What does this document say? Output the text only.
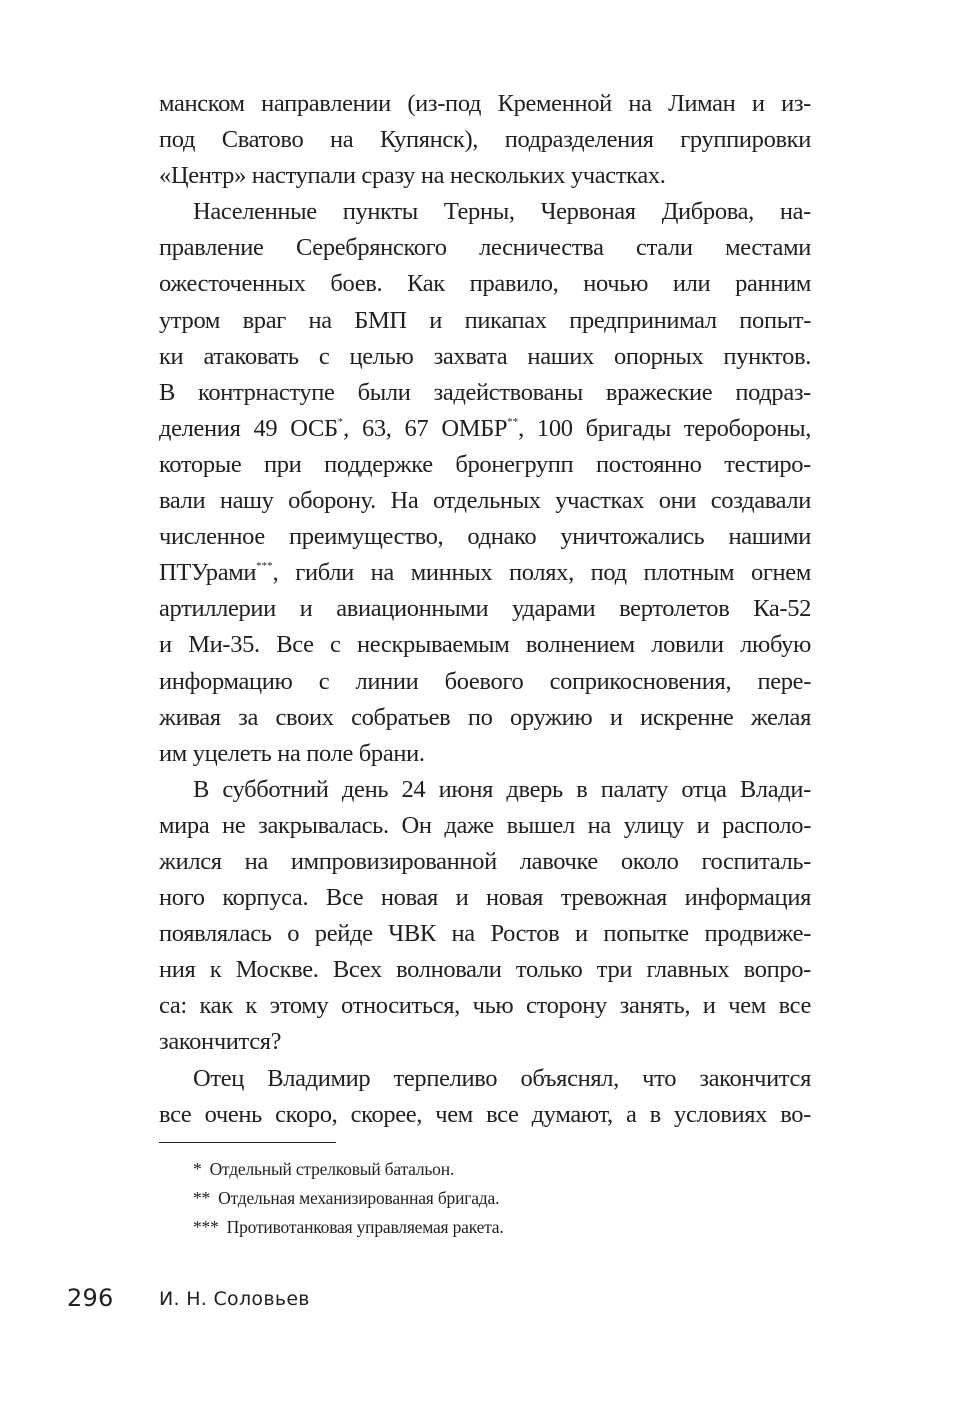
манском направлении (из-под Кременной на Лиман и из-
под Сватово на Купянск), подразделения группировки
«Центр» наступали сразу на нескольких участках.
Населенные пункты Терны, Червоная Диброва, на-
правление Серебрянского лесничества стали местами
ожесточенных боев. Как правило, ночью или ранним
утром враг на БМП и пикапах предпринимал попыт-
ки атаковать с целью захвата наших опорных пунктов.
В контрнаступе были задействованы вражеские подраз-
деления 49 ОСБ*, 63, 67 ОМБР**, 100 бригады теробороны,
которые при поддержке бронегрупп постоянно тестиро-
вали нашу оборону. На отдельных участках они создавали
численное преимущество, однако уничтожались нашими
ПТУрами***, гибли на минных полях, под плотным огнем
артиллерии и авиационными ударами вертолетов Ка-52
и Ми-35. Все с нескрываемым волнением ловили любую
информацию с линии боевого соприкосновения, пере-
живая за своих собратьев по оружию и искренне желая
им уцелеть на поле брани.
В субботний день 24 июня дверь в палату отца Влади-
мира не закрывалась. Он даже вышел на улицу и располо-
жился на импровизированной лавочке около госпиталь-
ного корпуса. Все новая и новая тревожная информация
появлялась о рейде ЧВК на Ростов и попытке продвиже-
ния к Москве. Всех волновали только три главных вопро-
са: как к этому относиться, чью сторону занять, и чем все
закончится?
Отец Владимир терпеливо объяснял, что закончится
все очень скоро, скорее, чем все думают, а в условиях во-
* Отдельный стрелковый батальон.
** Отдельная механизированная бригада.
*** Противотанковая управляемая ракета.
296 И. Н. Соловьев
